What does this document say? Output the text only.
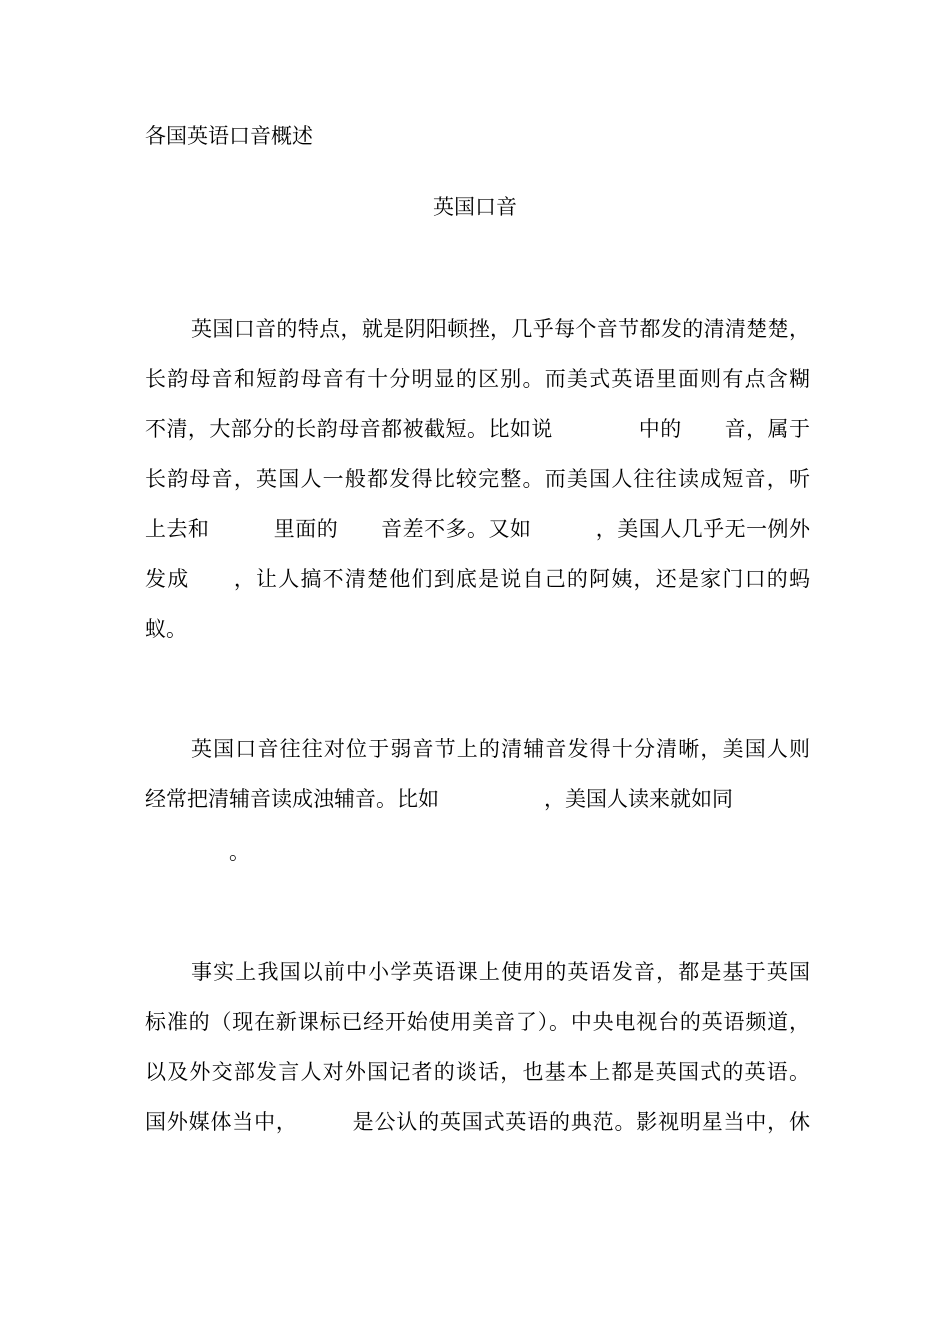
各国英语口音概述
英国口音
英国口音的特点，就是阴阳顿挫，几乎每个音节都发的清清楚楚，
长韵母音和短韵母音有十分明显的区别。而美式英语里面则有点含糊
不清，大部分的长韵母音都被截短。比如说　　　　中的　　音，属于
长韵母音，英国人一般都发得比较完整。而美国人往往读成短音，听
上去和　　　里面的　　音差不多。又如　　　，美国人几乎无一例外
发成　　，让人搞不清楚他们到底是说自己的阿姨，还是家门口的蚂
蚁。
英国口音往往对位于弱音节上的清辅音发得十分清晰，美国人则
经常把清辅音读成浊辅音。比如　　　　　，美国人读来就如同
　　　　。
事实上我国以前中小学英语课上使用的英语发音，都是基于英国
标准的（现在新课标已经开始使用美音了）。中央电视台的英语频道，
以及外交部发言人对外国记者的谈话，也基本上都是英国式的英语。
国外媒体当中，　　　是公认的英国式英语的典范。影视明星当中，休
